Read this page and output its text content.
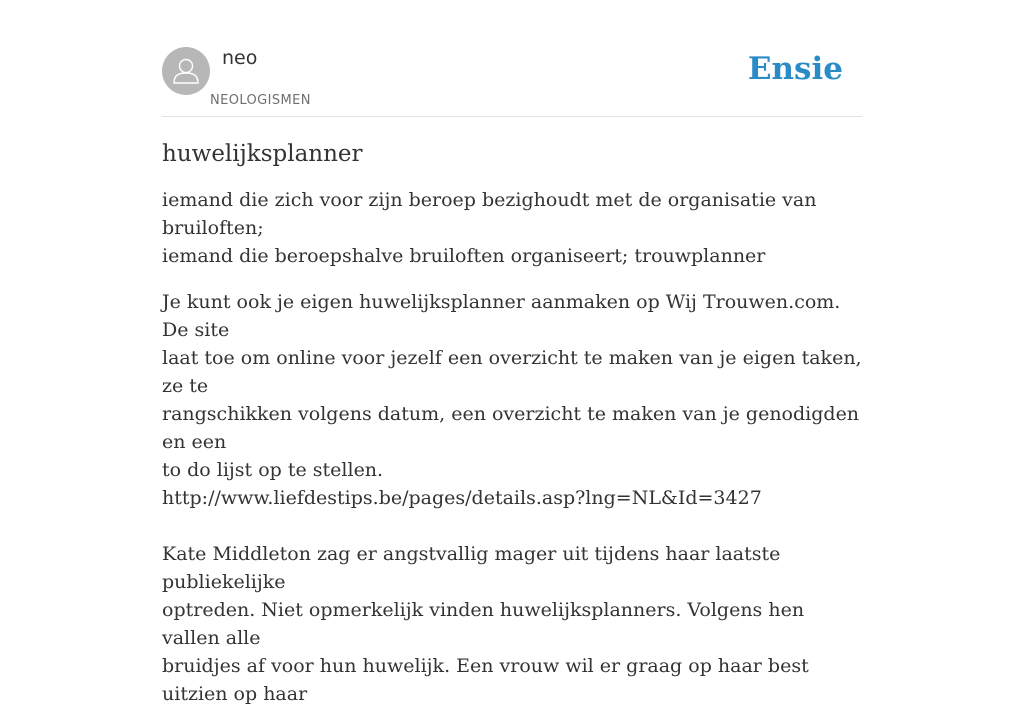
neo
NEOLOGISMEN
Ensie
huwelijksplanner

iemand die zich voor zijn beroep bezighoudt met de organisatie van bruiloften;
iemand die beroepshalve bruiloften organiseert; trouwplanner

Je kunt ook je eigen huwelijksplanner aanmaken op Wij Trouwen.com. De site
laat toe om online voor jezelf een overzicht te maken van je eigen taken, ze te
rangschikken volgens datum, een overzicht te maken van je genodigden en een
to do lijst op te stellen.
http://www.liefdestips.be/pages/details.asp?lng=NL&Id=3427

Kate Middleton zag er angstvallig mager uit tijdens haar laatste publiekelijke
optreden. Niet opmerkelijk vinden huwelijksplanners. Volgens hen vallen alle
bruidjes af voor hun huwelijk. Een vrouw wil er graag op haar best uitzien op haar
